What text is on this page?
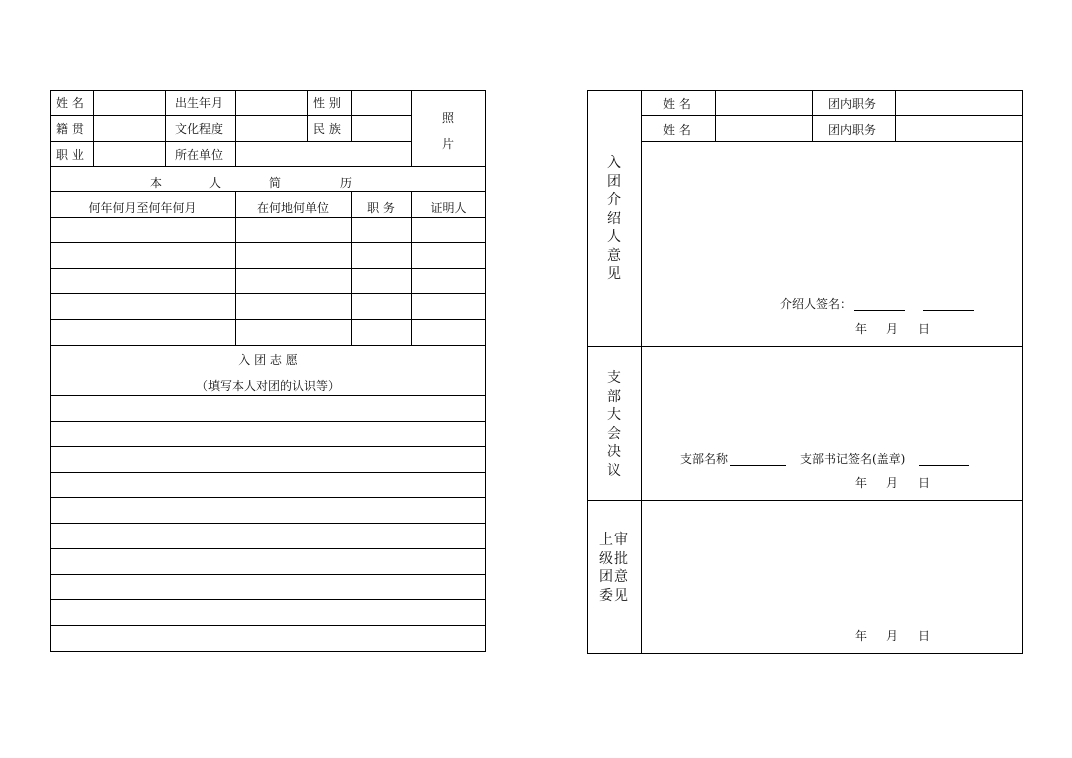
姓 名	出生年月	性 别
籍 贯	文化程度	民 族
职 业	所在单位
照
片
本	人	简	历
何年何月至何年何月	在何地何单位	职 务	证明人
入 团 志 愿
（填写本人对团的认识等）
姓 名	团内职务
姓 名	团内职务
入团介绍人意见
介绍人签名：
年 月 日
支部大会决议
支部名称	支部书记签名(盖章)
年 月 日
上级团委
审批意见
年 月 日
